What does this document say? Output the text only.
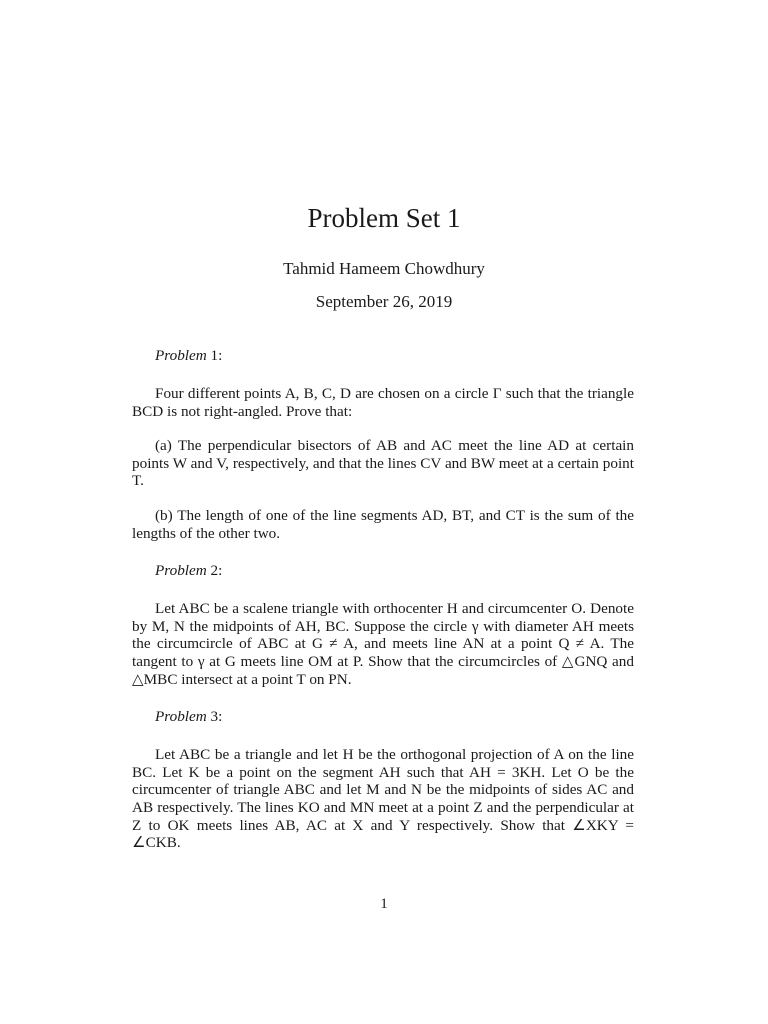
Problem Set 1
Tahmid Hameem Chowdhury
September 26, 2019

Problem 1:

Four different points A, B, C, D are chosen on a circle Γ such that the triangle BCD is not right-angled. Prove that:

(a) The perpendicular bisectors of AB and AC meet the line AD at certain points W and V, respectively, and that the lines CV and BW meet at a certain point T.

(b) The length of one of the line segments AD, BT, and CT is the sum of the lengths of the other two.

Problem 2:

Let ABC be a scalene triangle with orthocenter H and circumcenter O. Denote by M, N the midpoints of AH, BC. Suppose the circle γ with diameter AH meets the circumcircle of ABC at G ≠ A, and meets line AN at a point Q ≠ A. The tangent to γ at G meets line OM at P. Show that the circumcircles of △GNQ and △MBC intersect at a point T on PN.

Problem 3:

Let ABC be a triangle and let H be the orthogonal projection of A on the line BC. Let K be a point on the segment AH such that AH = 3KH. Let O be the circumcenter of triangle ABC and let M and N be the midpoints of sides AC and AB respectively. The lines KO and MN meet at a point Z and the perpendicular at Z to OK meets lines AB, AC at X and Y respectively. Show that ∠XKY = ∠CKB.

1
